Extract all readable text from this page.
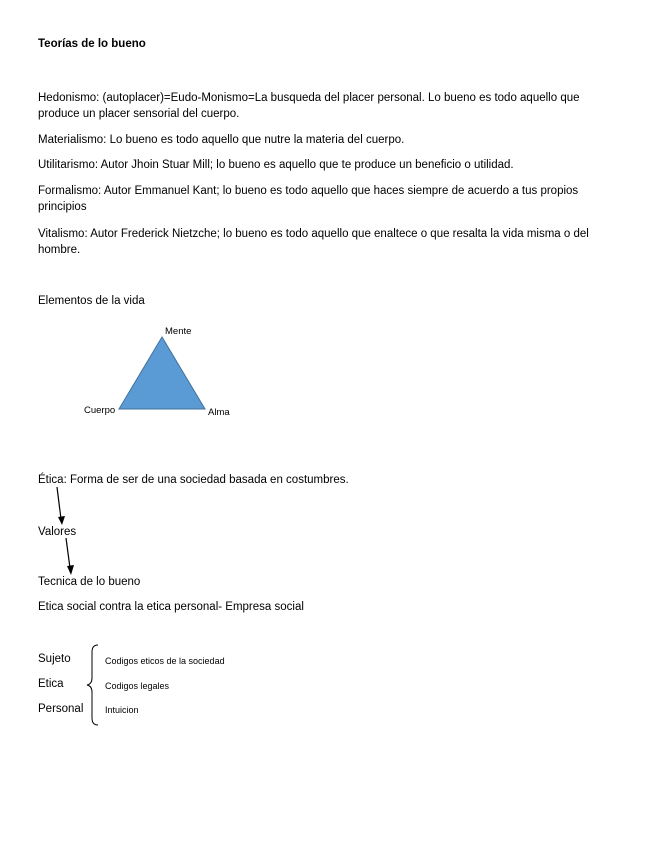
Teorías de lo bueno
Hedonismo: (autoplacer)=Eudo-Monismo=La busqueda del placer personal. Lo bueno es todo aquello que produce un placer sensorial del cuerpo.
Materialismo: Lo bueno es todo aquello que nutre la materia del cuerpo.
Utilitarismo: Autor Jhoin Stuar Mill; lo bueno es aquello que te produce un beneficio o utilidad.
Formalismo: Autor Emmanuel Kant; lo bueno es todo aquello que haces siempre de acuerdo a tus propios principios
Vitalismo: Autor Frederick Nietzche; lo bueno es todo aquello que enaltece o que resalta la vida misma o del hombre.
Elementos de la vida
Mente
Cuerpo	Alma
Ética: Forma de ser de una sociedad basada en costumbres.
Valores
Tecnica de lo bueno
Etica social contra la etica personal- Empresa social
Sujeto
Etica
Personal
Codigos eticos de la sociedad
Codigos legales
Intuicion
